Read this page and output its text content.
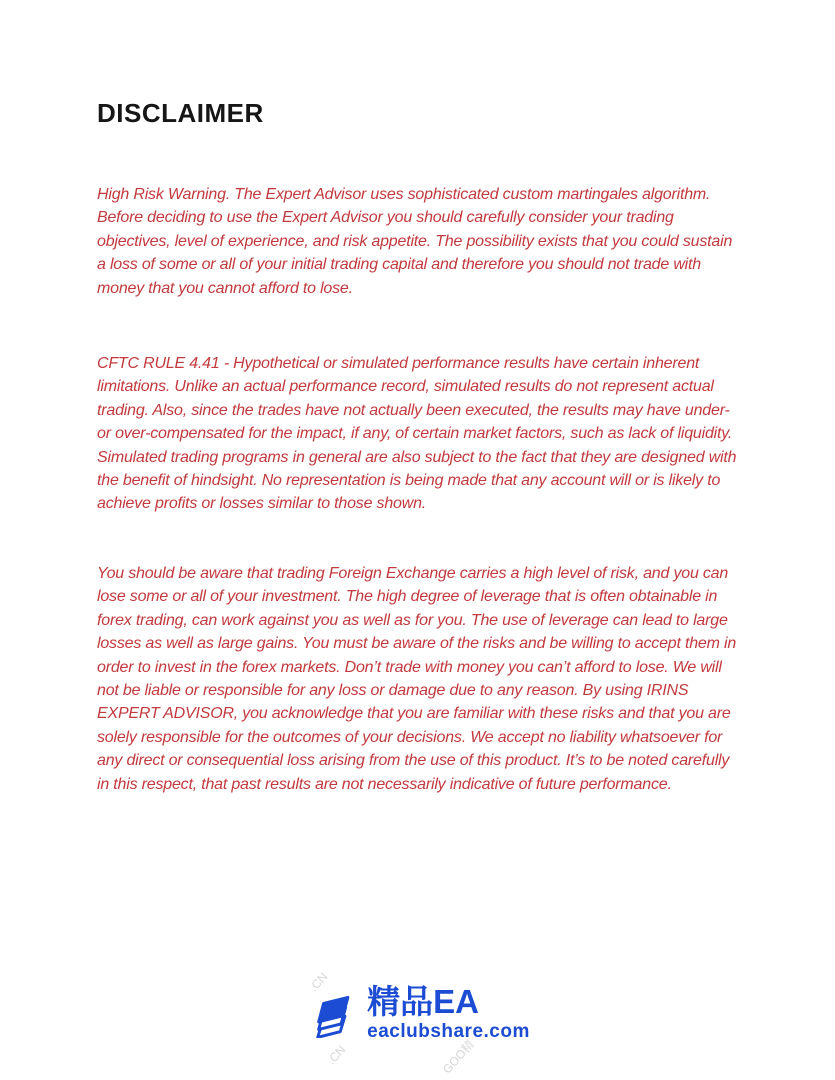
DISCLAIMER

High Risk Warning. The Expert Advisor uses sophisticated custom martingales algorithm. Before deciding to use the Expert Advisor you should carefully consider your trading objectives, level of experience, and risk appetite. The possibility exists that you could sustain a loss of some or all of your initial trading capital and therefore you should not trade with money that you cannot afford to lose.

CFTC RULE 4.41 - Hypothetical or simulated performance results have certain inherent limitations. Unlike an actual performance record, simulated results do not represent actual trading. Also, since the trades have not actually been executed, the results may have under- or over-compensated for the impact, if any, of certain market factors, such as lack of liquidity. Simulated trading programs in general are also subject to the fact that they are designed with the benefit of hindsight. No representation is being made that any account will or is likely to achieve profits or losses similar to those shown.

You should be aware that trading Foreign Exchange carries a high level of risk, and you can lose some or all of your investment. The high degree of leverage that is often obtainable in forex trading, can work against you as well as for you. The use of leverage can lead to large losses as well as large gains. You must be aware of the risks and be willing to accept them in order to invest in the forex markets. Don’t trade with money you can’t afford to lose. We will not be liable or responsible for any loss or damage due to any reason. By using IRINS EXPERT ADVISOR, you acknowledge that you are familiar with these risks and that you are solely responsible for the outcomes of your decisions. We accept no liability whatsoever for any direct or consequential loss arising from the use of this product. It’s to be noted carefully in this respect, that past results are not necessarily indicative of future performance.

.CN
.CN	GOO精
精品EA
eaclubshare.com
